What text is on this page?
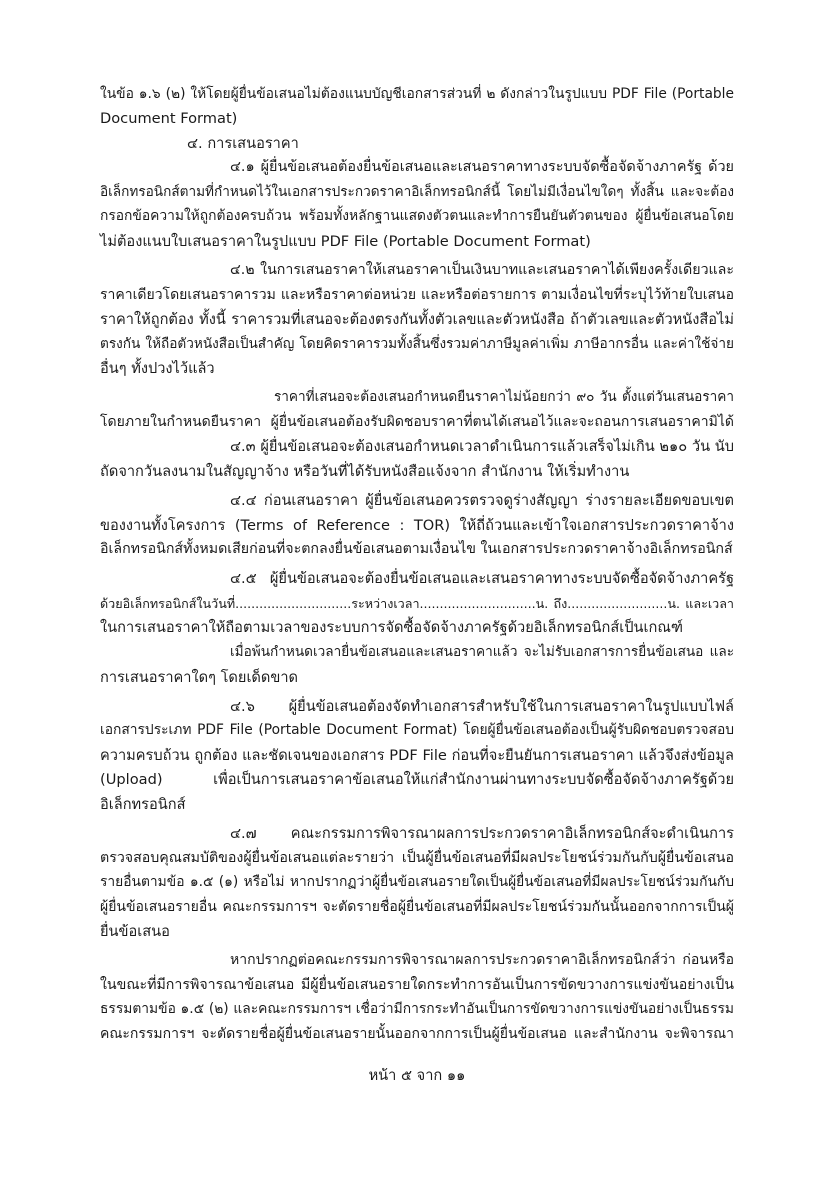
ในข้อ ๑.๖ (๒) ให้โดยผู้ยื่นข้อเสนอไม่ต้องแนบบัญชีเอกสารส่วนที่ ๒ ดังกล่าวในรูปแบบ PDF File (Portable
Document Format)
๔. การเสนอราคา
๔.๑ ผู้ยื่นข้อเสนอต้องยื่นข้อเสนอและเสนอราคาทางระบบจัดซื้อจัดจ้างภาครัฐ ด้วย
อิเล็กทรอนิกส์ตามที่กำหนดไว้ในเอกสารประกวดราคาอิเล็กทรอนิกส์นี้ โดยไม่มีเงื่อนไขใดๆ ทั้งสิ้น และจะต้อง
กรอกข้อความให้ถูกต้องครบถ้วน พร้อมทั้งหลักฐานแสดงตัวตนและทำการยืนยันตัวตนของ ผู้ยื่นข้อเสนอโดย
ไม่ต้องแนบใบเสนอราคาในรูปแบบ PDF File (Portable Document Format)
๔.๒ ในการเสนอราคาให้เสนอราคาเป็นเงินบาทและเสนอราคาได้เพียงครั้งเดียวและ
ราคาเดียวโดยเสนอราคารวม และหรือราคาต่อหน่วย และหรือต่อรายการ ตามเงื่อนไขที่ระบุไว้ท้ายใบเสนอ
ราคาให้ถูกต้อง ทั้งนี้ ราคารวมที่เสนอจะต้องตรงกันทั้งตัวเลขและตัวหนังสือ ถ้าตัวเลขและตัวหนังสือไม่
ตรงกัน ให้ถือตัวหนังสือเป็นสำคัญ โดยคิดราคารวมทั้งสิ้นซึ่งรวมค่าภาษีมูลค่าเพิ่ม ภาษีอากรอื่น และค่าใช้จ่าย
อื่นๆ ทั้งปวงไว้แล้ว
ราคาที่เสนอจะต้องเสนอกำหนดยืนราคาไม่น้อยกว่า ๙๐ วัน ตั้งแต่วันเสนอราคา
โดยภายในกำหนดยืนราคา ผู้ยื่นข้อเสนอต้องรับผิดชอบราคาที่ตนได้เสนอไว้และจะถอนการเสนอราคามิได้
๔.๓ ผู้ยื่นข้อเสนอจะต้องเสนอกำหนดเวลาดำเนินการแล้วเสร็จไม่เกิน ๒๑๐ วัน นับ
ถัดจากวันลงนามในสัญญาจ้าง หรือวันที่ได้รับหนังสือแจ้งจาก สำนักงาน ให้เริ่มทำงาน
๔.๔ ก่อนเสนอราคา ผู้ยื่นข้อเสนอควรตรวจดูร่างสัญญา ร่างรายละเอียดขอบเขต
ของงานทั้งโครงการ (Terms of Reference : TOR) ให้ถี่ถ้วนและเข้าใจเอกสารประกวดราคาจ้าง
อิเล็กทรอนิกส์ทั้งหมดเสียก่อนที่จะตกลงยื่นข้อเสนอตามเงื่อนไข ในเอกสารประกวดราคาจ้างอิเล็กทรอนิกส์
๔.๕ ผู้ยื่นข้อเสนอจะต้องยื่นข้อเสนอและเสนอราคาทางระบบจัดซื้อจัดจ้างภาครัฐ
ด้วยอิเล็กทรอนิกส์ในวันที่.............................ระหว่างเวลา.............................น. ถึง.........................น. และเวลา
ในการเสนอราคาให้ถือตามเวลาของระบบการจัดซื้อจัดจ้างภาครัฐด้วยอิเล็กทรอนิกส์เป็นเกณฑ์
เมื่อพ้นกำหนดเวลายื่นข้อเสนอและเสนอราคาแล้ว จะไม่รับเอกสารการยื่นข้อเสนอ และ
การเสนอราคาใดๆ โดยเด็ดขาด
๔.๖ ผู้ยื่นข้อเสนอต้องจัดทำเอกสารสำหรับใช้ในการเสนอราคาในรูปแบบไฟล์
เอกสารประเภท PDF File (Portable Document Format) โดยผู้ยื่นข้อเสนอต้องเป็นผู้รับผิดชอบตรวจสอบ
ความครบถ้วน ถูกต้อง และชัดเจนของเอกสาร PDF File ก่อนที่จะยืนยันการเสนอราคา แล้วจึงส่งข้อมูล
(Upload) เพื่อเป็นการเสนอราคาข้อเสนอให้แก่สำนักงานผ่านทางระบบจัดซื้อจัดจ้างภาครัฐด้วย
อิเล็กทรอนิกส์
๔.๗ คณะกรรมการพิจารณาผลการประกวดราคาอิเล็กทรอนิกส์จะดำเนินการ
ตรวจสอบคุณสมบัติของผู้ยื่นข้อเสนอแต่ละรายว่า เป็นผู้ยื่นข้อเสนอที่มีผลประโยชน์ร่วมกันกับผู้ยื่นข้อเสนอ
รายอื่นตามข้อ ๑.๕ (๑) หรือไม่ หากปรากฏว่าผู้ยื่นข้อเสนอรายใดเป็นผู้ยื่นข้อเสนอที่มีผลประโยชน์ร่วมกันกับ
ผู้ยื่นข้อเสนอรายอื่น คณะกรรมการฯ จะตัดรายชื่อผู้ยื่นข้อเสนอที่มีผลประโยชน์ร่วมกันนั้นออกจากการเป็นผู้
ยื่นข้อเสนอ
หากปรากฏต่อคณะกรรมการพิจารณาผลการประกวดราคาอิเล็กทรอนิกส์ว่า ก่อนหรือ
ในขณะที่มีการพิจารณาข้อเสนอ มีผู้ยื่นข้อเสนอรายใดกระทำการอันเป็นการขัดขวางการแข่งขันอย่างเป็น
ธรรมตามข้อ ๑.๕ (๒) และคณะกรรมการฯ เชื่อว่ามีการกระทำอันเป็นการขัดขวางการแข่งขันอย่างเป็นธรรม
คณะกรรมการฯ จะตัดรายชื่อผู้ยื่นข้อเสนอรายนั้นออกจากการเป็นผู้ยื่นข้อเสนอ และสำนักงาน จะพิจารณา
หน้า ๕ จาก ๑๑
